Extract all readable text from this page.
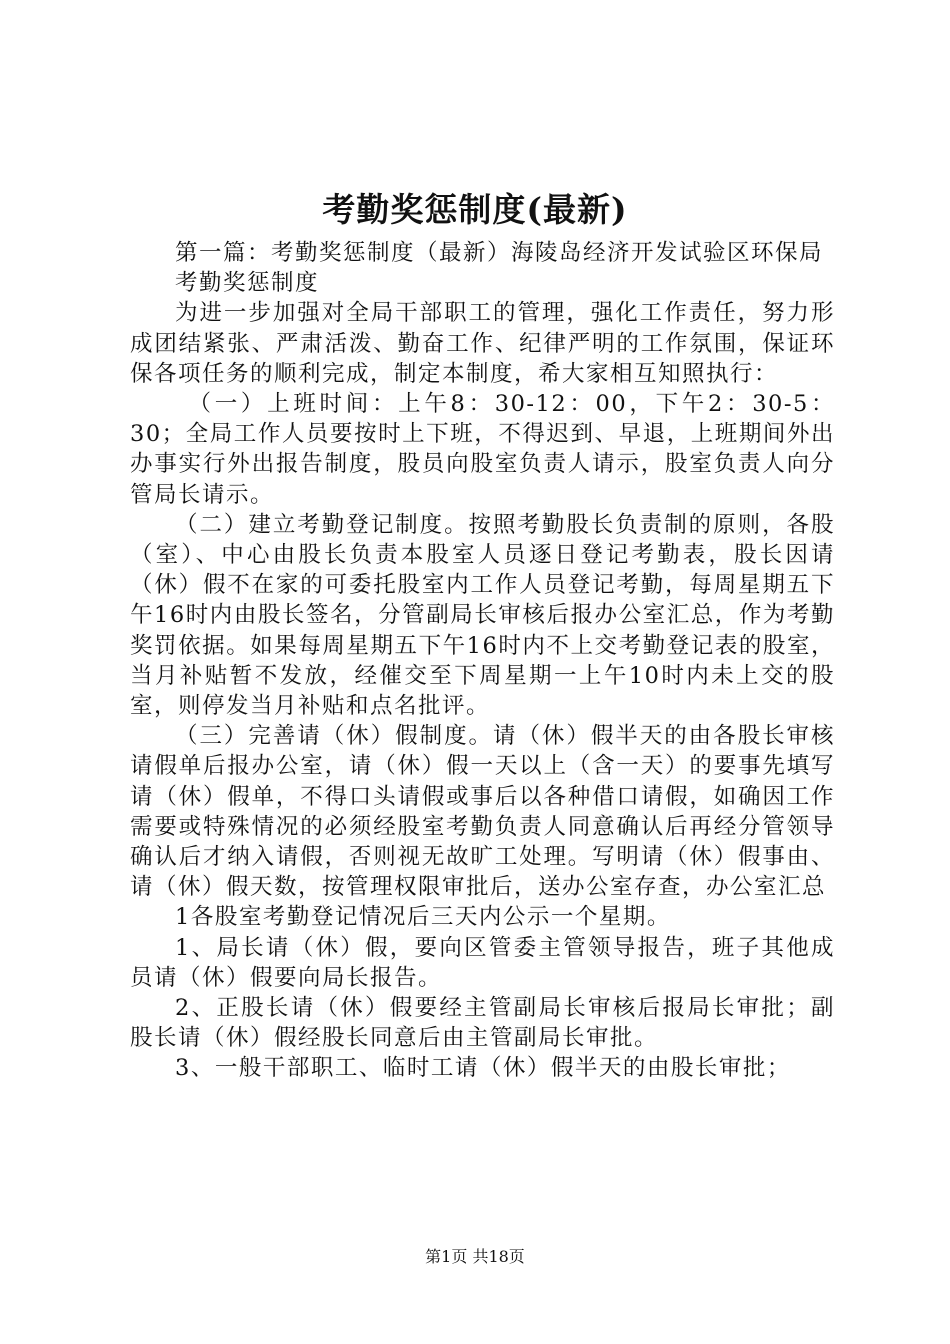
考勤奖惩制度(最新)

第一篇：考勤奖惩制度（最新）海陵岛经济开发试验区环保局

考勤奖惩制度

为进一步加强对全局干部职工的管理，强化工作责任，努力形成团结紧张、严肃活泼、勤奋工作、纪律严明的工作氛围，保证环保各项任务的顺利完成，制定本制度，希大家相互知照执行：

（一）上班时间：上午8：30-12：00，下午2：30-5：30；全局工作人员要按时上下班，不得迟到、早退，上班期间外出办事实行外出报告制度，股员向股室负责人请示，股室负责人向分管局长请示。

（二）建立考勤登记制度。按照考勤股长负责制的原则，各股（室）、中心由股长负责本股室人员逐日登记考勤表，股长因请（休）假不在家的可委托股室内工作人员登记考勤，每周星期五下午16时内由股长签名，分管副局长审核后报办公室汇总，作为考勤奖罚依据。如果每周星期五下午16时内不上交考勤登记表的股室，当月补贴暂不发放，经催交至下周星期一上午10时内未上交的股室，则停发当月补贴和点名批评。

（三）完善请（休）假制度。请（休）假半天的由各股长审核请假单后报办公室，请（休）假一天以上（含一天）的要事先填写请（休）假单，不得口头请假或事后以各种借口请假，如确因工作需要或特殊情况的必须经股室考勤负责人同意确认后再经分管领导确认后才纳入请假，否则视无故旷工处理。写明请（休）假事由、请（休）假天数，按管理权限审批后，送办公室存查，办公室汇总

1各股室考勤登记情况后三天内公示一个星期。

1、局长请（休）假，要向区管委主管领导报告，班子其他成员请（休）假要向局长报告。

2、正股长请（休）假要经主管副局长审核后报局长审批；副股长请（休）假经股长同意后由主管副局长审批。

3、一般干部职工、临时工请（休）假半天的由股长审批；

第1页 共18页
